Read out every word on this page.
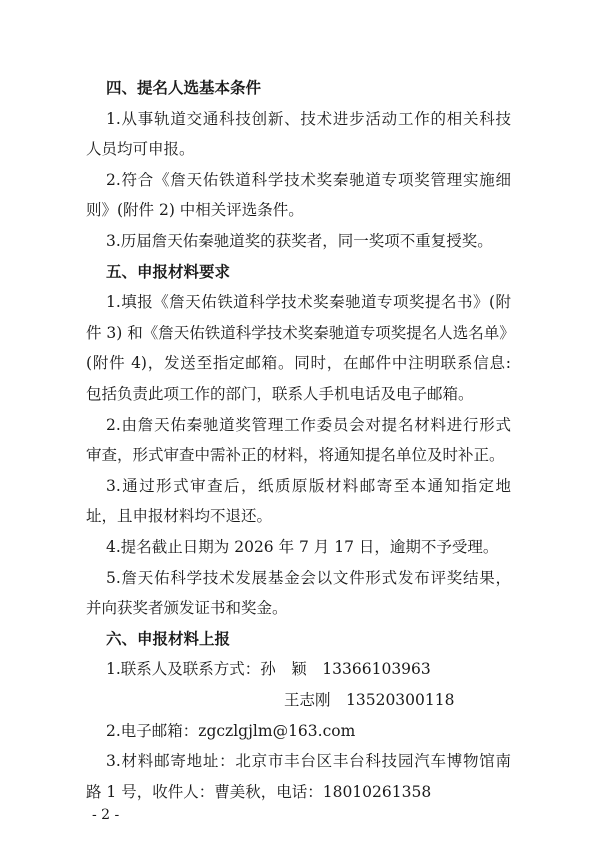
四、提名人选基本条件
1.从事轨道交通科技创新、技术进步活动工作的相关科技
人员均可申报。
2.符合《詹天佑铁道科学技术奖秦驰道专项奖管理实施细
则》(附件 2) 中相关评选条件。
3.历届詹天佑秦驰道奖的获奖者，同一奖项不重复授奖。
五、申报材料要求
1.填报《詹天佑铁道科学技术奖秦驰道专项奖提名书》(附
件 3) 和《詹天佑铁道科学技术奖秦驰道专项奖提名人选名单》
(附件 4)，发送至指定邮箱。同时，在邮件中注明联系信息:
包括负责此项工作的部门，联系人手机电话及电子邮箱。
2.由詹天佑秦驰道奖管理工作委员会对提名材料进行形式
审查，形式审查中需补正的材料，将通知提名单位及时补正。
3.通过形式审查后，纸质原版材料邮寄至本通知指定地
址，且申报材料均不退还。
4.提名截止日期为 2026 年 7 月 17 日，逾期不予受理。
5.詹天佑科学技术发展基金会以文件形式发布评奖结果，
并向获奖者颁发证书和奖金。
六、申报材料上报
1.联系人及联系方式：孙　颖　13366103963
王志刚　13520300118
2.电子邮箱：zgczlgjlm@163.com
3.材料邮寄地址：北京市丰台区丰台科技园汽车博物馆南
路 1 号，收件人：曹美秋，电话：18010261358
- 2 -
